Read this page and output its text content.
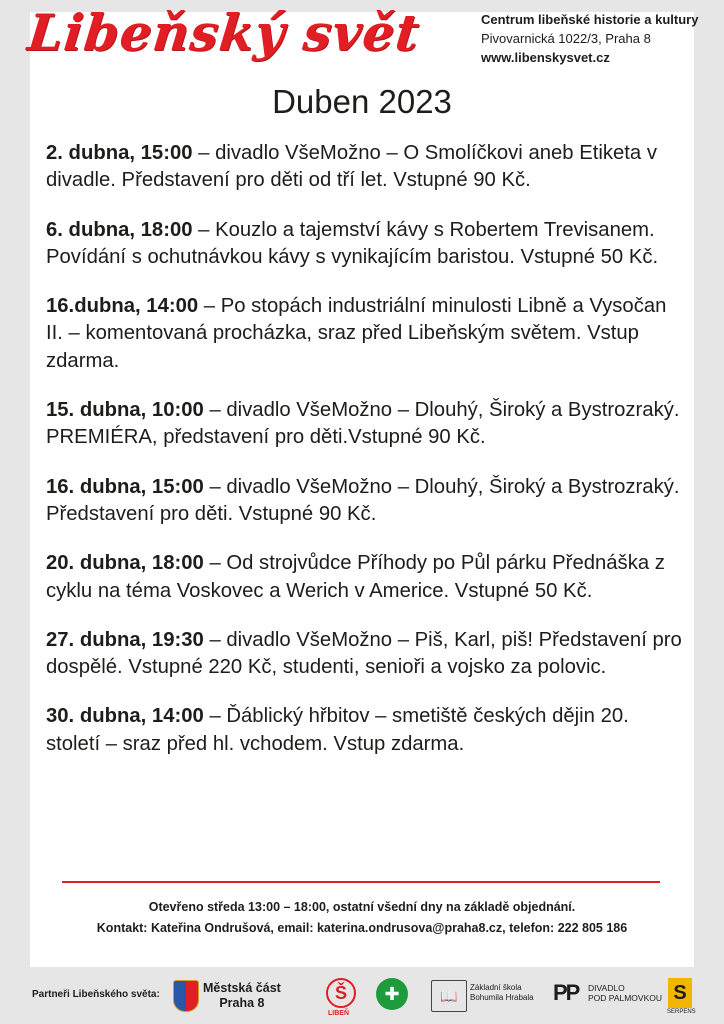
Libeňský svět	Centrum libeňské historie a kultury
Pivovarnická 1022/3, Praha 8
www.libenskysvet.cz
Duben 2023
2. dubna, 15:00 – divadlo VšeMožno – O Smolíčkovi aneb Etiketa v divadle. Představení pro děti od tří let. Vstupné 90 Kč.
6. dubna, 18:00 – Kouzlo a tajemství kávy s Robertem Trevisanem. Povídání s ochutnávkou kávy s vynikajícím baristou. Vstupné 50 Kč.
16.dubna, 14:00 – Po stopách industriální minulosti Libně a Vysočan II. – komentovaná procházka, sraz před Libeňským světem. Vstup zdarma.
15. dubna, 10:00 – divadlo VšeMožno – Dlouhý, Široký a Bystrozraký. PREMIÉRA, představení pro děti.Vstupné 90 Kč.
16. dubna, 15:00 – divadlo VšeMožno – Dlouhý, Široký a Bystrozraký. Představení pro děti. Vstupné 90 Kč.
20. dubna, 18:00 – Od strojvůdce Příhody po Půl párku Přednáška z cyklu na téma Voskovec a Werich v Americe. Vstupné 50 Kč.
27. dubna, 19:30 – divadlo VšeMožno – Piš, Karl, piš! Představení pro dospělé. Vstupné 220 Kč, studenti, senioři a vojsko za polovic.
30. dubna, 14:00 – Ďáblický hřbitov – smetiště českých dějin 20. století – sraz před hl. vchodem. Vstup zdarma.
Otevřeno středa 13:00 – 18:00, ostatní všední dny na základě objednání.
Kontakt: Kateřina Ondrušová, email: katerina.ondrusova@praha8.cz, telefon: 222 805 186
Partneři Libeňského světa:	Městská část
Praha 8	Š
LIBEŇ
✚	📖
Základní škola
Bohumila Hrabala PP DIVADLO
POD PALMOVKOU S
SERPENS
